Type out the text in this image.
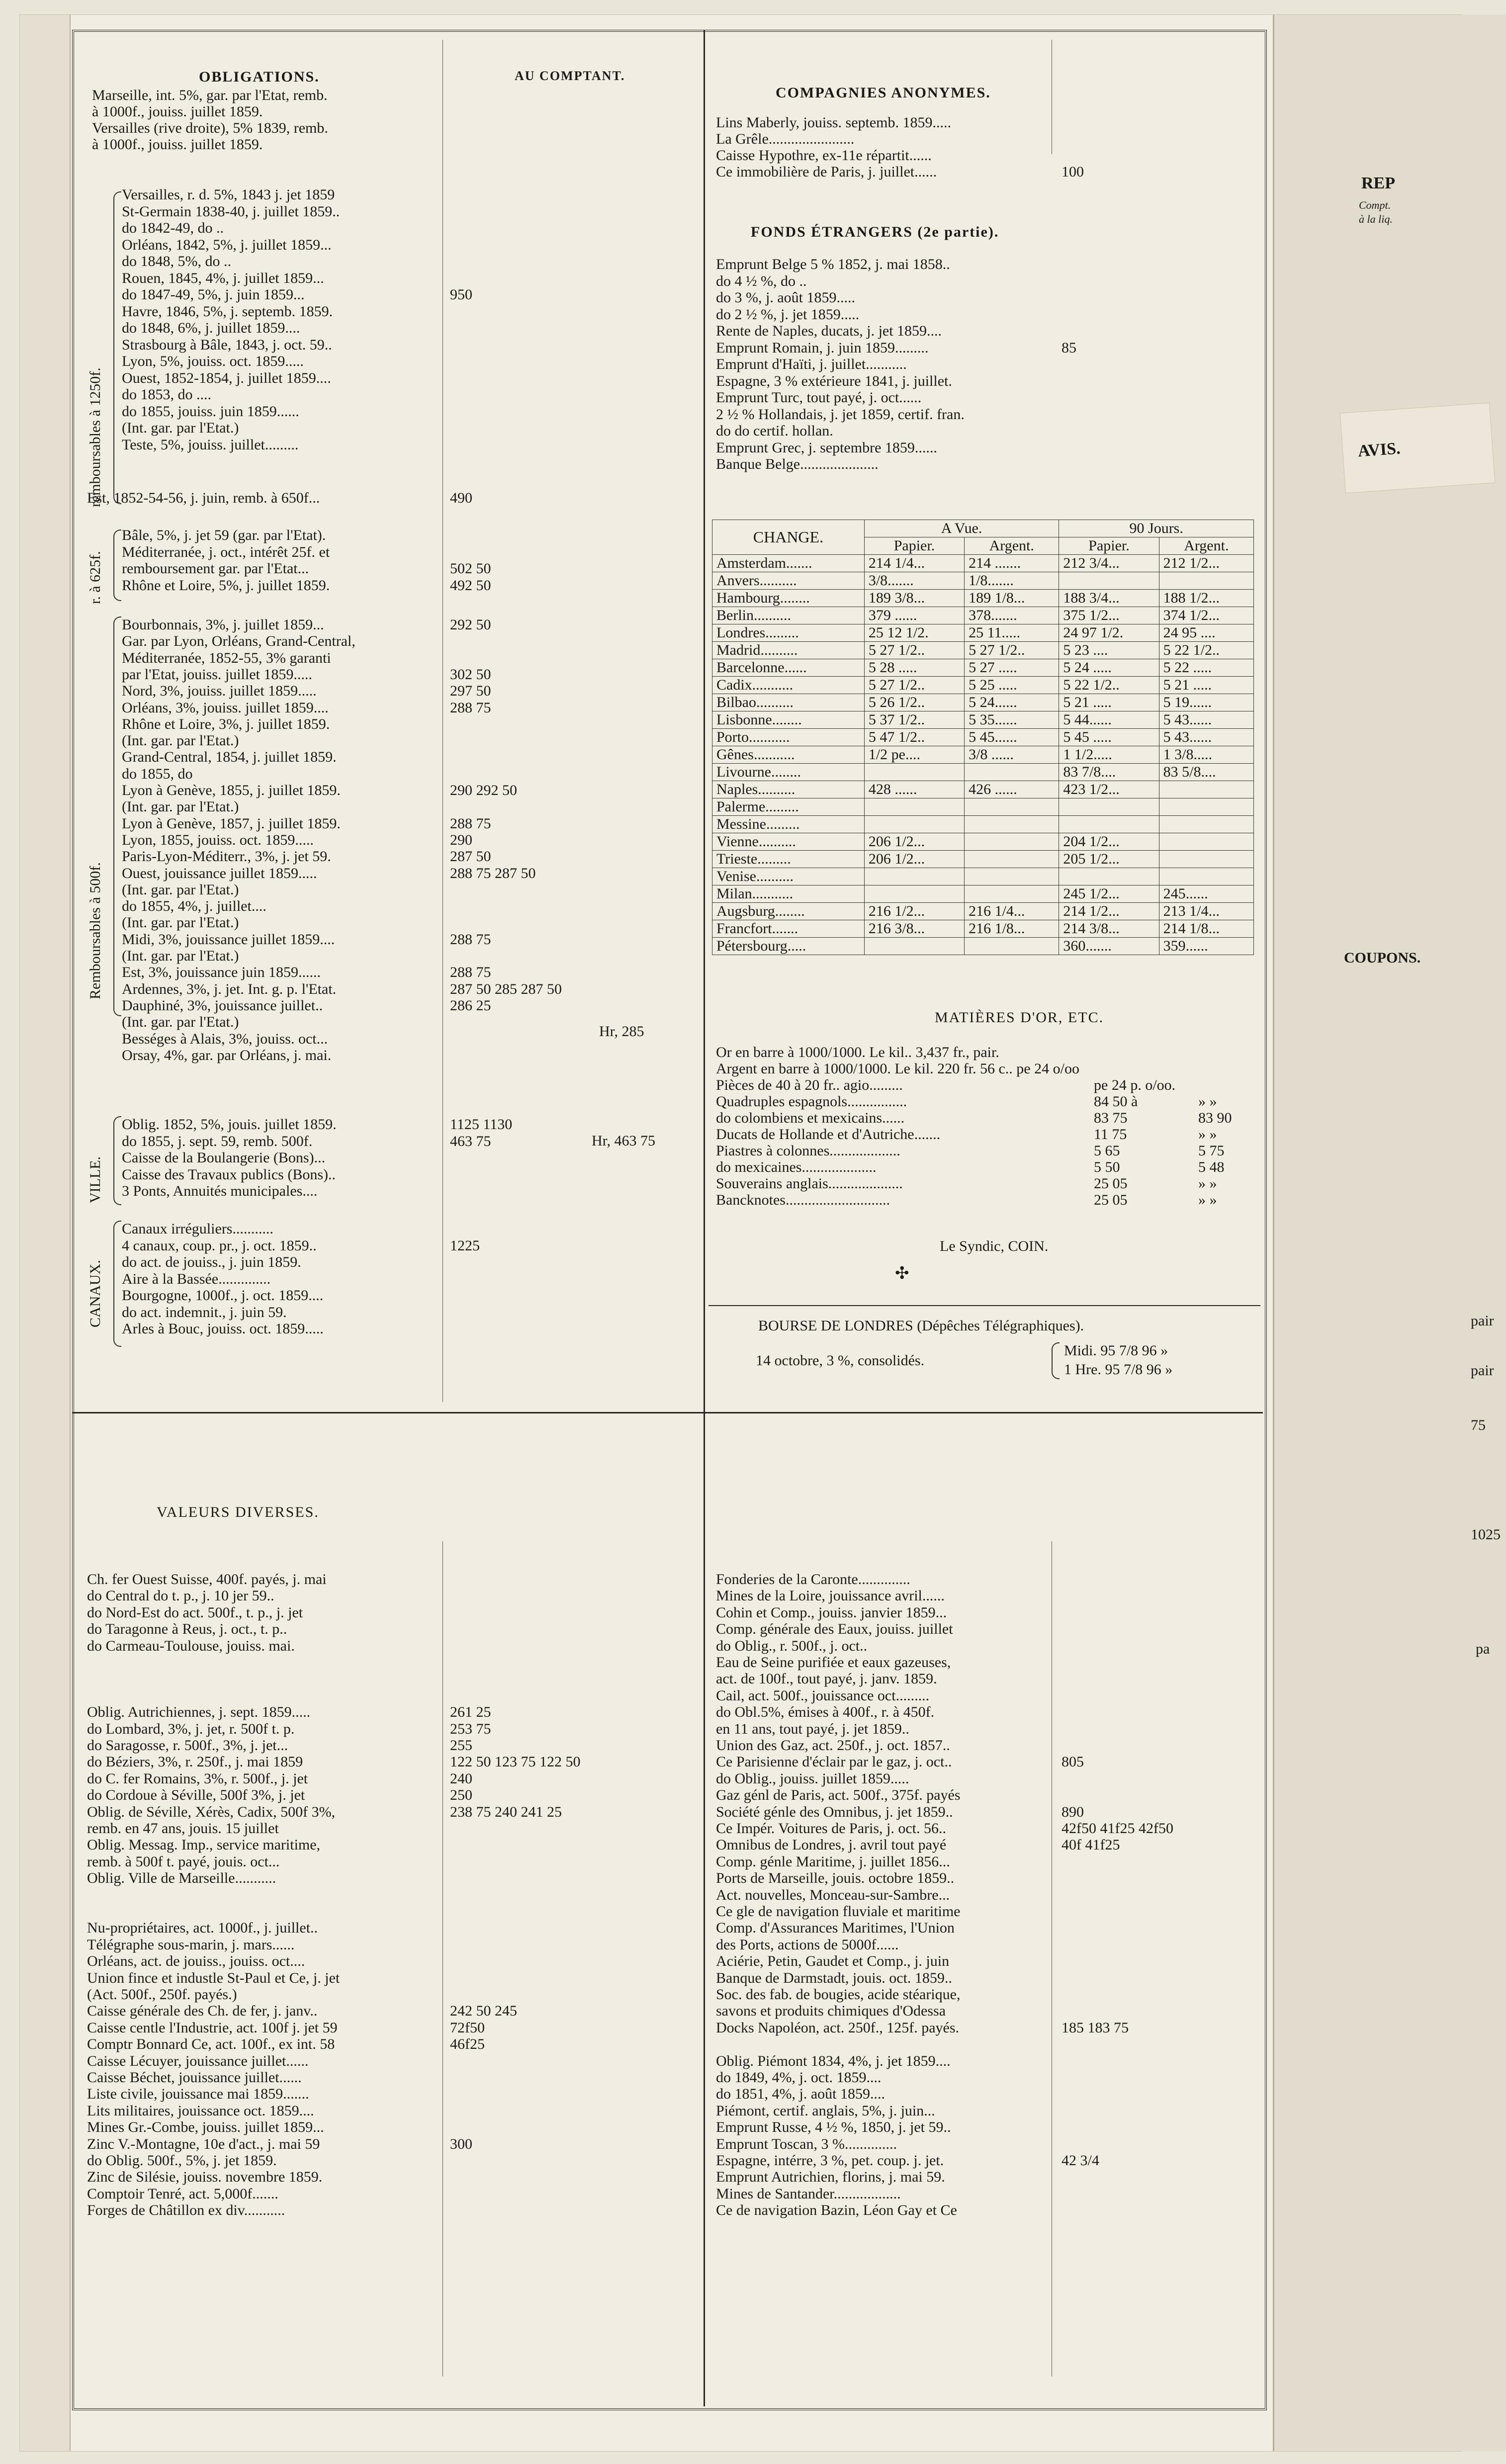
REP
Compt.
à la liq.
COUPONS.
pair
pair
75
1025
pa
AVIS.
OBLIGATIONS.	AU COMPTANT.
Marseille, int. 5%, gar. par l'Etat, remb.
à 1000f., jouiss. juillet 1859.
Versailles (rive droite), 5% 1839, remb.
à 1000f., jouiss. juillet 1859.
Versailles, r. d. 5%, 1843 j. jet 1859
St-Germain 1838-40, j. juillet 1859..
do 1842-49, do ..
Orléans, 1842, 5%, j. juillet 1859...
do 1848, 5%, do ..
Rouen, 1845, 4%, j. juillet 1859...
do 1847-49, 5%, j. juin 1859...	950
Havre, 1846, 5%, j. septemb. 1859.
do 1848, 6%, j. juillet 1859....
Strasbourg à Bâle, 1843, j. oct. 59..
Lyon, 5%, jouiss. oct. 1859.....
Ouest, 1852-1854, j. juillet 1859....
do 1853, do ....
do 1855, jouiss. juin 1859......
(Int. gar. par l'Etat.)
Teste, 5%, jouiss. juillet.........
Est, 1852-54-56, j. juin, remb. à 650f...	490
Bâle, 5%, j. jet 59 (gar. par l'Etat).
Méditerranée, j. oct., intérêt 25f. et
remboursement gar. par l'Etat...	502 50
Rhône et Loire, 5%, j. juillet 1859.	492 50
Bourbonnais, 3%, j. juillet 1859...	292 50
Gar. par Lyon, Orléans, Grand-Central,
Méditerranée, 1852-55, 3% garanti
par l'Etat, jouiss. juillet 1859.....	302 50
Nord, 3%, jouiss. juillet 1859.....	297 50
Orléans, 3%, jouiss. juillet 1859....	288 75
Rhône et Loire, 3%, j. juillet 1859.
(Int. gar. par l'Etat.)
Grand-Central, 1854, j. juillet 1859.
do 1855, do
Lyon à Genève, 1855, j. juillet 1859.	290 292 50
(Int. gar. par l'Etat.)
Lyon à Genève, 1857, j. juillet 1859.	288 75
Lyon, 1855, jouiss. oct. 1859.....	290
Paris-Lyon-Méditerr., 3%, j. jet 59.	287 50
Ouest, jouissance juillet 1859.....	288 75 287 50
(Int. gar. par l'Etat.)
do 1855, 4%, j. juillet....
(Int. gar. par l'Etat.)
Midi, 3%, jouissance juillet 1859....	288 75
(Int. gar. par l'Etat.)
Est, 3%, jouissance juin 1859......	288 75
Ardennes, 3%, j. jet. Int. g. p. l'Etat.	287 50 285 287 50
Dauphiné, 3%, jouissance juillet..	286 25
(Int. gar. par l'Etat.)
Bességes à Alais, 3%, jouiss. oct...
Orsay, 4%, gar. par Orléans, j. mai.
Oblig. 1852, 5%, jouis. juillet 1859.	1125 1130
do 1855, j. sept. 59, remb. 500f.	463 75
Caisse de la Boulangerie (Bons)...
Caisse des Travaux publics (Bons)..
3 Ponts, Annuités municipales....
Canaux irréguliers...........
4 canaux, coup. pr., j. oct. 1859..	1225
do act. de jouiss., j. juin 1859.
Aire à la Bassée..............
Bourgogne, 1000f., j. oct. 1859....
do act. indemnit., j. juin 59.
Arles à Bouc, jouiss. oct. 1859.....
Hr, 285
Hr, 463 75
remboursables à 1250f.
r. à 625f.
Remboursables à 500f.
VILLE.
CANAUX.
COMPAGNIES ANONYMES.
Lins Maberly, jouiss. septemb. 1859.....
La Grêle.......................
Caisse Hypothre, ex-11e répartit......
Ce immobilière de Paris, j. juillet......	100
FONDS ÉTRANGERS (2e partie).
Emprunt Belge 5 % 1852, j. mai 1858..
do 4 ½ %, do ..
do 3 %, j. août 1859.....
do 2 ½ %, j. jet 1859.....
Rente de Naples, ducats, j. jet 1859....
Emprunt Romain, j. juin 1859.........	85
Emprunt d'Haïti, j. juillet...........
Espagne, 3 % extérieure 1841, j. juillet.
Emprunt Turc, tout payé, j. oct......
2 ½ % Hollandais, j. jet 1859, certif. fran.
do do certif. hollan.
Emprunt Grec, j. septembre 1859......
Banque Belge.....................
CHANGE.	A Vue.		90 Jours.	
	Papier.	Argent.	Papier.	Argent.
Amsterdam.......	214 1/4...	214 .......	212 3/4...	212 1/2...
Anvers..........	3/8.......	1/8.......		
Hambourg........	189 3/8...	189 1/8...	188 3/4...	188 1/2...
Berlin..........	379 ......	378.......	375 1/2...	374 1/2...
Londres.........	25 12 1/2.	25 11.....	24 97 1/2.	24 95 ....
Madrid..........	5 27 1/2..	5 27 1/2..	5 23 ....	5 22 1/2..
Barcelonne......	5 28 .....	5 27 .....	5 24 .....	5 22 .....
Cadix...........	5 27 1/2..	5 25 .....	5 22 1/2..	5 21 .....
Bilbao..........	5 26 1/2..	5 24......	5 21 .....	5 19......
Lisbonne........	5 37 1/2..	5 35......	5 44......	5 43......
Porto...........	5 47 1/2..	5 45......	5 45 .....	5 43......
Gênes...........	1/2 pe....	3/8 ......	1 1/2.....	1 3/8.....
Livourne........			83 7/8....	83 5/8....
Naples..........	428 ......	426 ......	423 1/2...	
Palerme.........				
Messine.........				
Vienne..........	206 1/2...		204 1/2...	
Trieste.........	206 1/2...		205 1/2...	
Venise..........				
Milan...........			245 1/2...	245......
Augsburg........	216 1/2...	216 1/4...	214 1/2...	213 1/4...
Francfort.......	216 3/8...	216 1/8...	214 3/8...	214 1/8...
Pétersbourg.....			360.......	359......
MATIÈRES D'OR, ETC.
Or en barre à 1000/1000. Le kil.. 3,437 fr., pair.
Argent en barre à 1000/1000. Le kil. 220 fr. 56 c.. pe 24 o/oo
Pièces de 40 à 20 fr.. agio.........	pe 24 p. o/oo.
Quadruples espagnols................	84 50 à	» »
do colombiens et mexicains......	83 75	83 90
Ducats de Hollande et d'Autriche.......	11 75	» »
Piastres à colonnes...................	5 65	5 75
do mexicaines....................	5 50	5 48
Souverains anglais....................	25 05	» »
Bancknotes............................	25 05	» »
Le Syndic, COIN.
✣
BOURSE DE LONDRES (Dépêches Télégraphiques).
14 octobre, 3 %, consolidés.
Midi. 95 7/8 96 »
1 Hre. 95 7/8 96 »
VALEURS DIVERSES.
Ch. fer Ouest Suisse, 400f. payés, j. mai
do Central do t. p., j. 10 jer 59..
do Nord-Est do act. 500f., t. p., j. jet
do Taragonne à Reus, j. oct., t. p..
do Carmeau-Toulouse, jouiss. mai.
Oblig. Autrichiennes, j. sept. 1859.....	261 25
do Lombard, 3%, j. jet, r. 500f t. p.	253 75
do Saragosse, r. 500f., 3%, j. jet...	255
do Béziers, 3%, r. 250f., j. mai 1859	122 50 123 75 122 50
do C. fer Romains, 3%, r. 500f., j. jet	240
do Cordoue à Séville, 500f 3%, j. jet	250
Oblig. de Séville, Xérès, Cadix, 500f 3%,	238 75 240 241 25
remb. en 47 ans, jouis. 15 juillet
Oblig. Messag. Imp., service maritime,
remb. à 500f t. payé, jouis. oct...
Oblig. Ville de Marseille...........
Nu-propriétaires, act. 1000f., j. juillet..
Télégraphe sous-marin, j. mars......
Orléans, act. de jouiss., jouiss. oct....
Union fince et industle St-Paul et Ce, j. jet
(Act. 500f., 250f. payés.)
Caisse générale des Ch. de fer, j. janv..	242 50 245
Caisse centle l'Industrie, act. 100f j. jet 59	72f50
Comptr Bonnard Ce, act. 100f., ex int. 58	46f25
Caisse Lécuyer, jouissance juillet......
Caisse Béchet, jouissance juillet......
Liste civile, jouissance mai 1859.......
Lits militaires, jouissance oct. 1859....
Mines Gr.-Combe, jouiss. juillet 1859...
Zinc V.-Montagne, 10e d'act., j. mai 59	300
do Oblig. 500f., 5%, j. jet 1859.
Zinc de Silésie, jouiss. novembre 1859.
Comptoir Tenré, act. 5,000f.......
Forges de Châtillon ex div...........
Fonderies de la Caronte..............
Mines de la Loire, jouissance avril......
Cohin et Comp., jouiss. janvier 1859...
Comp. générale des Eaux, jouiss. juillet
do Oblig., r. 500f., j. oct..
Eau de Seine purifiée et eaux gazeuses,
act. de 100f., tout payé, j. janv. 1859.
Cail, act. 500f., jouissance oct.........
do Obl.5%, émises à 400f., r. à 450f.
en 11 ans, tout payé, j. jet 1859..
Union des Gaz, act. 250f., j. oct. 1857..
Ce Parisienne d'éclair par le gaz, j. oct..	805
do Oblig., jouiss. juillet 1859.....
Gaz génl de Paris, act. 500f., 375f. payés
Société génle des Omnibus, j. jet 1859..	890
Ce Impér. Voitures de Paris, j. oct. 56..	42f50 41f25 42f50
Omnibus de Londres, j. avril tout payé	40f 41f25
Comp. génle Maritime, j. juillet 1856...
Ports de Marseille, jouis. octobre 1859..
Act. nouvelles, Monceau-sur-Sambre...
Ce gle de navigation fluviale et maritime
Comp. d'Assurances Maritimes, l'Union
des Ports, actions de 5000f......
Aciérie, Petin, Gaudet et Comp., j. juin
Banque de Darmstadt, jouis. oct. 1859..
Soc. des fab. de bougies, acide stéarique,
savons et produits chimiques d'Odessa
Docks Napoléon, act. 250f., 125f. payés.	185 183 75
Oblig. Piémont 1834, 4%, j. jet 1859....
do 1849, 4%, j. oct. 1859....
do 1851, 4%, j. août 1859....
Piémont, certif. anglais, 5%, j. juin...
Emprunt Russe, 4 ½ %, 1850, j. jet 59..
Emprunt Toscan, 3 %..............
Espagne, intérre, 3 %, pet. coup. j. jet.	42 3/4
Emprunt Autrichien, florins, j. mai 59.
Mines de Santander..................
Ce de navigation Bazin, Léon Gay et Ce
